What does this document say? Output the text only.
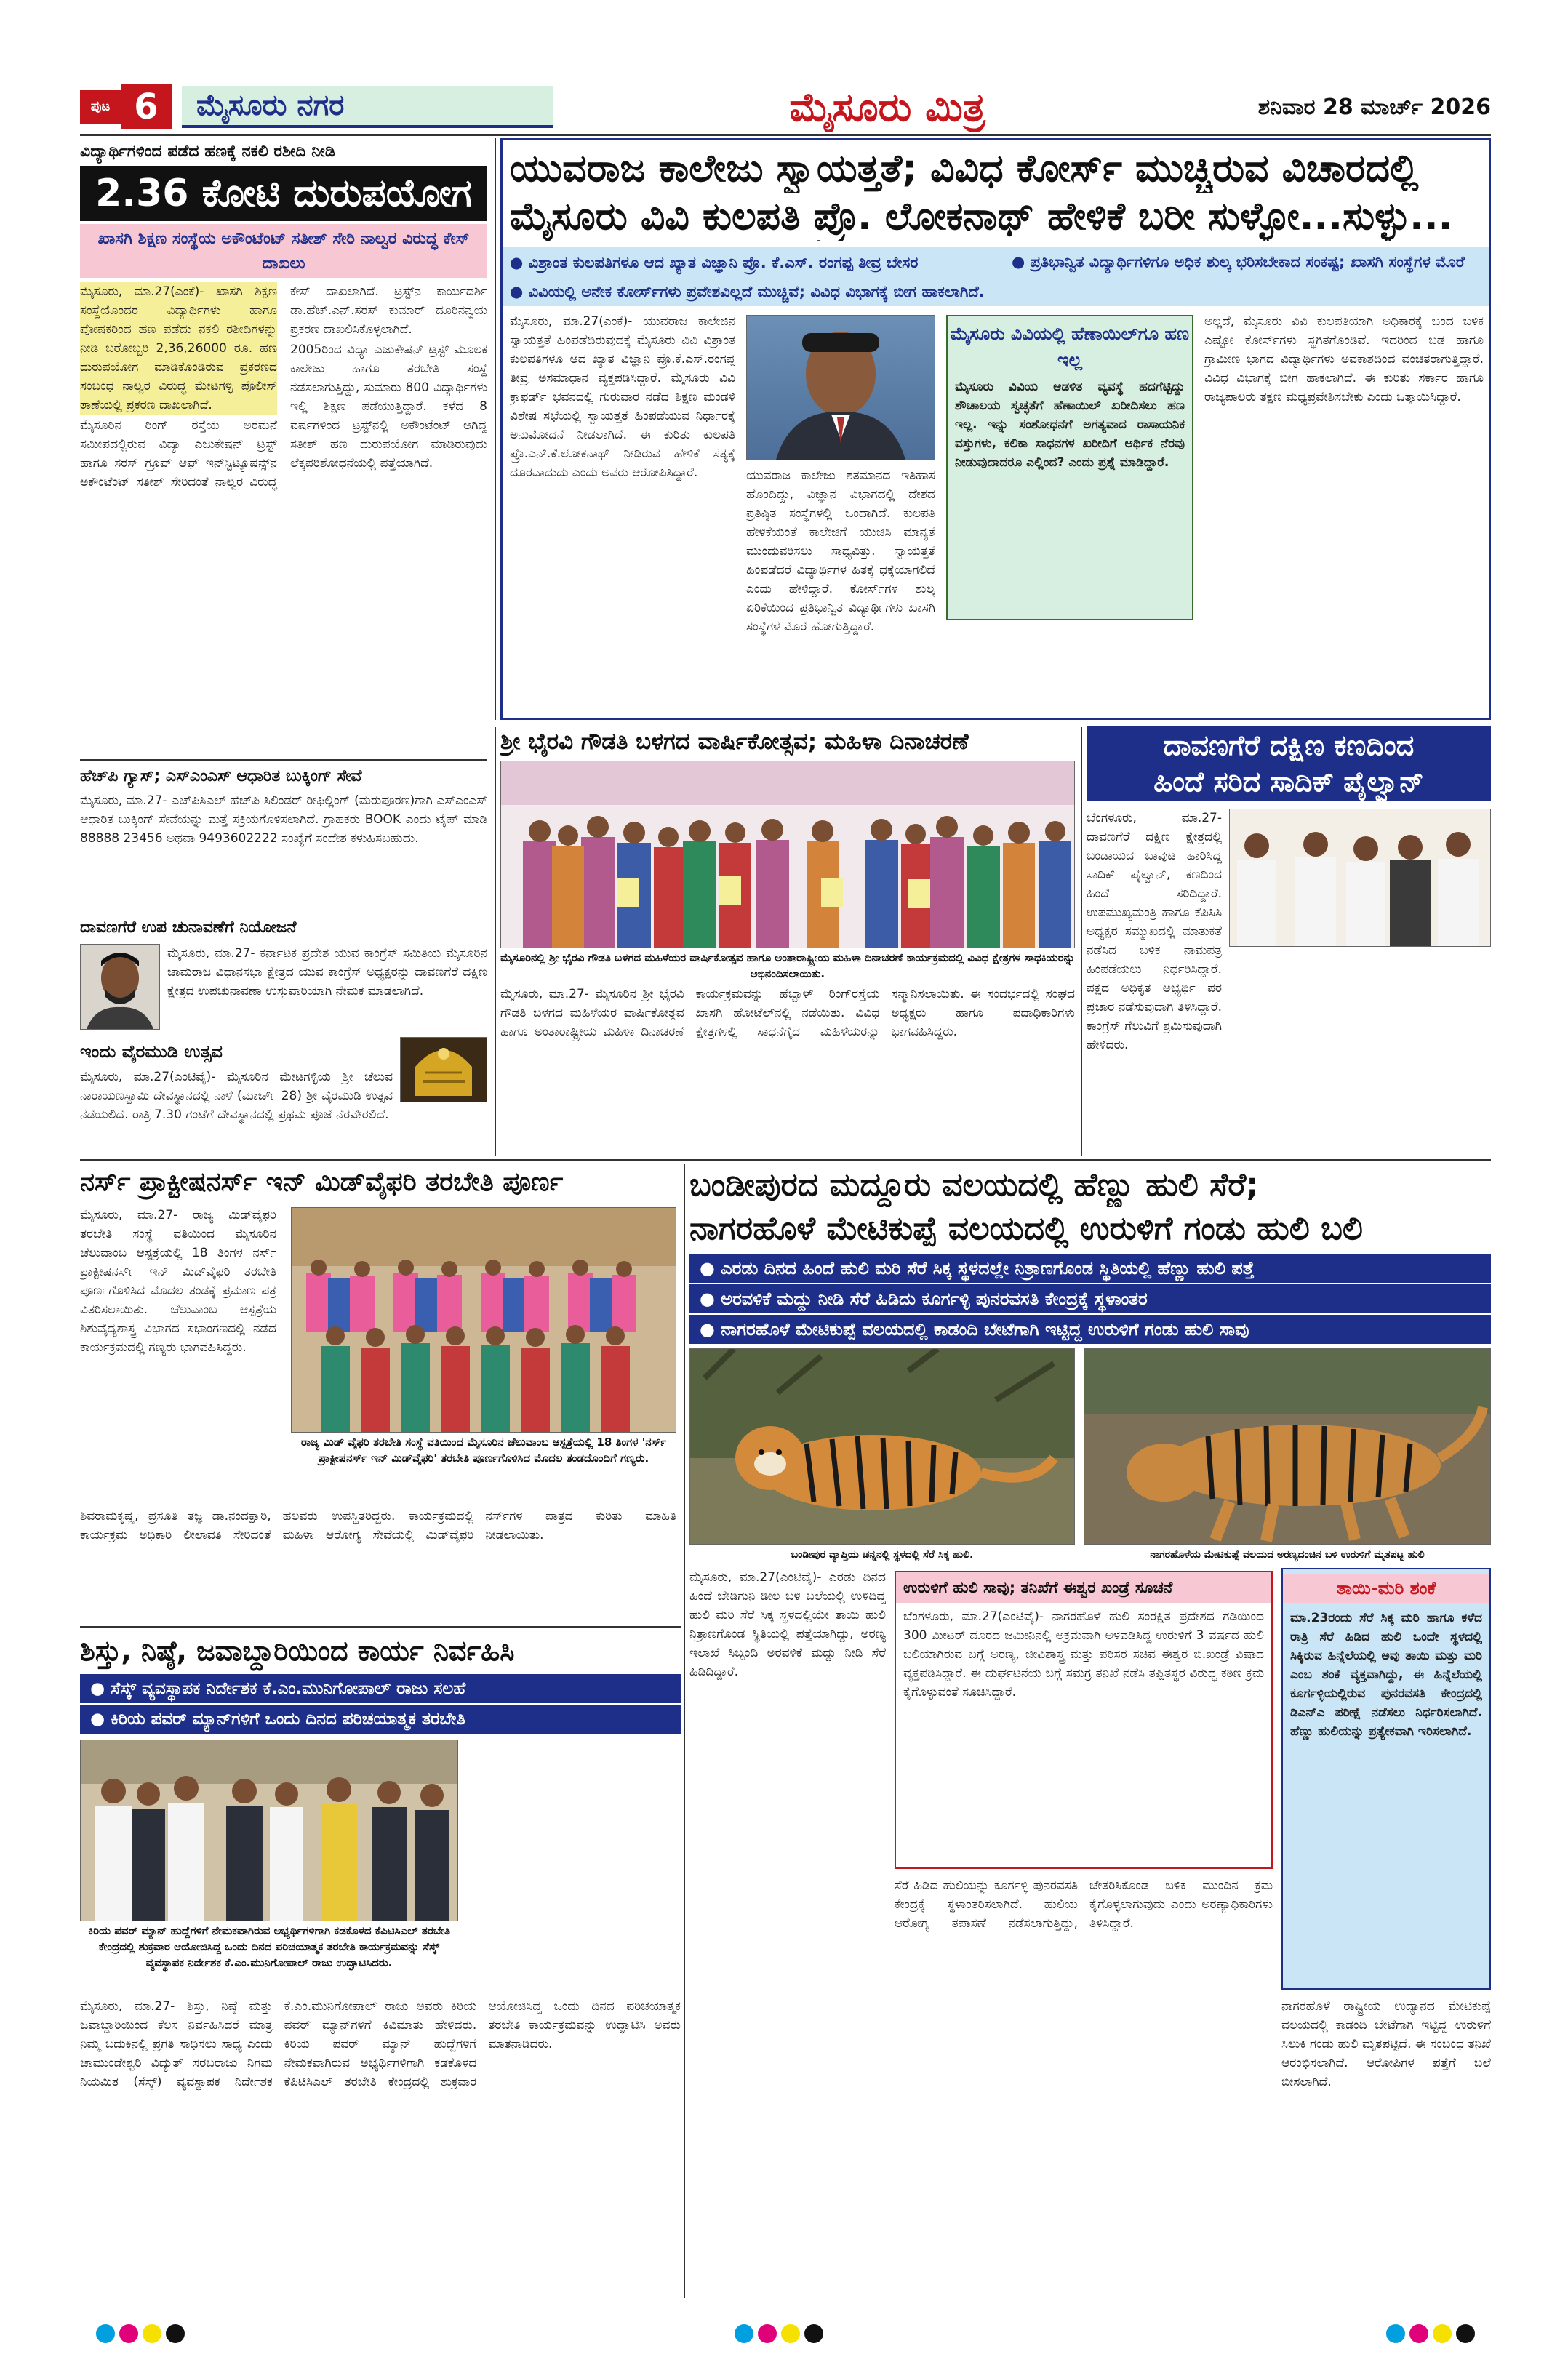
ಪುಟ 6	ಮೈಸೂರು ನಗರ	ಮೈಸೂರು ಮಿತ್ರ	ಶನಿವಾರ 28 ಮಾರ್ಚ್ 2026
ವಿದ್ಯಾರ್ಥಿಗಳಿಂದ ಪಡೆದ ಹಣಕ್ಕೆ ನಕಲಿ ರಶೀದಿ ನೀಡಿ
2.36 ಕೋಟಿ ದುರುಪಯೋಗ
ಖಾಸಗಿ ಶಿಕ್ಷಣ ಸಂಸ್ಥೆಯ ಅಕೌಂಟೆಂಟ್ ಸತೀಶ್ ಸೇರಿ ನಾಲ್ವರ ವಿರುದ್ಧ ಕೇಸ್ ದಾಖಲು

ಮೈಸೂರು, ಮಾ.27(ಎಂಕೆ)- ಖಾಸಗಿ ಶಿಕ್ಷಣ ಸಂಸ್ಥೆಯೊಂದರ ವಿದ್ಯಾರ್ಥಿಗಳು ಹಾಗೂ ಪೋಷಕರಿಂದ ಹಣ ಪಡೆದು ನಕಲಿ ರಶೀದಿಗಳನ್ನು ನೀಡಿ ಬರೋಬ್ಬರಿ 2,36,26000 ರೂ. ಹಣ ದುರುಪಯೋಗ ಮಾಡಿಕೊಂಡಿರುವ ಪ್ರಕರಣದ ಸಂಬಂಧ ನಾಲ್ವರ ವಿರುದ್ಧ ಮೇಟಗಳ್ಳಿ ಪೊಲೀಸ್ ಠಾಣೆಯಲ್ಲಿ ಪ್ರಕರಣ ದಾಖಲಾಗಿದೆ.

ಮೈಸೂರಿನ ರಿಂಗ್ ರಸ್ತೆಯ ಅರಮನೆ ಸಮೀಪದಲ್ಲಿರುವ ವಿದ್ಯಾ ಎಜುಕೇಷನ್ ಟ್ರಸ್ಟ್ ಹಾಗೂ ಸರಸ್ ಗ್ರೂಪ್ ಆಫ್ ಇನ್‌ಸ್ಟಿಟ್ಯೂಷನ್ಸ್‌ನ ಅಕೌಂಟೆಂಟ್ ಸತೀಶ್ ಸೇರಿದಂತೆ ನಾಲ್ವರ ವಿರುದ್ಧ ಕೇಸ್ ದಾಖಲಾಗಿದೆ. ಟ್ರಸ್ಟ್‌ನ ಕಾರ್ಯದರ್ಶಿ ಡಾ.ಹೆಚ್.ಎನ್.ಸರಸ್ ಕುಮಾರ್ ದೂರಿನನ್ವಯ ಪ್ರಕರಣ ದಾಖಲಿಸಿಕೊಳ್ಳಲಾಗಿದೆ.

2005ರಿಂದ ವಿದ್ಯಾ ಎಜುಕೇಷನ್ ಟ್ರಸ್ಟ್ ಮೂಲಕ ಕಾಲೇಜು ಹಾಗೂ ತರಬೇತಿ ಸಂಸ್ಥೆ ನಡೆಸಲಾಗುತ್ತಿದ್ದು, ಸುಮಾರು 800 ವಿದ್ಯಾರ್ಥಿಗಳು ಇಲ್ಲಿ ಶಿಕ್ಷಣ ಪಡೆಯುತ್ತಿದ್ದಾರೆ. ಕಳೆದ 8 ವರ್ಷಗಳಿಂದ ಟ್ರಸ್ಟ್‌ನಲ್ಲಿ ಅಕೌಂಟೆಂಟ್ ಆಗಿದ್ದ ಸತೀಶ್ ಹಣ ದುರುಪಯೋಗ ಮಾಡಿರುವುದು ಲೆಕ್ಕಪರಿಶೋಧನೆಯಲ್ಲಿ ಪತ್ತೆಯಾಗಿದೆ.

ಯುವರಾಜ ಕಾಲೇಜು ಸ್ವಾಯತ್ತತೆ; ವಿವಿಧ ಕೋರ್ಸ್ ಮುಚ್ಚಿರುವ ವಿಚಾರದಲ್ಲಿ
ಮೈಸೂರು ವಿವಿ ಕುಲಪತಿ ಪ್ರೊ. ಲೋಕನಾಥ್ ಹೇಳಿಕೆ ಬರೀ ಸುಳ್ಳೋ...ಸುಳ್ಳು...
● ವಿಶ್ರಾಂತ ಕುಲಪತಿಗಳೂ ಆದ ಖ್ಯಾತ ವಿಜ್ಞಾನಿ ಪ್ರೊ. ಕೆ.ಎಸ್. ರಂಗಪ್ಪ ತೀವ್ರ ಬೇಸರ	● ಪ್ರತಿಭಾನ್ವಿತ ವಿದ್ಯಾರ್ಥಿಗಳಿಗೂ ಅಧಿಕ ಶುಲ್ಕ ಭರಿಸಬೇಕಾದ ಸಂಕಷ್ಟ; ಖಾಸಗಿ ಸಂಸ್ಥೆಗಳ ಮೊರೆ
● ವಿವಿಯಲ್ಲಿ ಅನೇಕ ಕೋರ್ಸ್‌ಗಳು ಪ್ರವೇಶವಿಲ್ಲದೆ ಮುಚ್ಚಿವೆ; ವಿವಿಧ ವಿಭಾಗಕ್ಕೆ ಬೀಗ ಹಾಕಲಾಗಿದೆ.
ಮೈಸೂರು, ಮಾ.27(ಎಂಕೆ)- ಯುವರಾಜ ಕಾಲೇಜಿನ ಸ್ವಾಯತ್ತತೆ ಹಿಂಪಡೆದಿರುವುದಕ್ಕೆ ಮೈಸೂರು ವಿವಿ ವಿಶ್ರಾಂತ ಕುಲಪತಿಗಳೂ ಆದ ಖ್ಯಾತ ವಿಜ್ಞಾನಿ ಪ್ರೊ.ಕೆ.ಎಸ್.ರಂಗಪ್ಪ ತೀವ್ರ ಅಸಮಾಧಾನ ವ್ಯಕ್ತಪಡಿಸಿದ್ದಾರೆ. ಮೈಸೂರು ವಿವಿ ಕ್ರಾಫರ್ಡ್ ಭವನದಲ್ಲಿ ಗುರುವಾರ ನಡೆದ ಶಿಕ್ಷಣ ಮಂಡಳಿ ವಿಶೇಷ ಸಭೆಯಲ್ಲಿ ಸ್ವಾಯತ್ತತೆ ಹಿಂಪಡೆಯುವ ನಿರ್ಧಾರಕ್ಕೆ ಅನುಮೋದನೆ ನೀಡಲಾಗಿದೆ. ಈ ಕುರಿತು ಕುಲಪತಿ ಪ್ರೊ.ಎನ್.ಕೆ.ಲೋಕನಾಥ್ ನೀಡಿರುವ ಹೇಳಿಕೆ ಸತ್ಯಕ್ಕೆ ದೂರವಾದುದು ಎಂದು ಅವರು ಆರೋಪಿಸಿದ್ದಾರೆ.	ಯುವರಾಜ ಕಾಲೇಜು ಶತಮಾನದ ಇತಿಹಾಸ ಹೊಂದಿದ್ದು, ವಿಜ್ಞಾನ ವಿಭಾಗದಲ್ಲಿ ದೇಶದ ಪ್ರತಿಷ್ಠಿತ ಸಂಸ್ಥೆಗಳಲ್ಲಿ ಒಂದಾಗಿದೆ. ಕುಲಪತಿ ಹೇಳಿಕೆಯಂತೆ ಕಾಲೇಜಿಗೆ ಯುಜಿಸಿ ಮಾನ್ಯತೆ ಮುಂದುವರಿಸಲು ಸಾಧ್ಯವಿತ್ತು. ಸ್ವಾಯತ್ತತೆ ಹಿಂಪಡೆದರೆ ವಿದ್ಯಾರ್ಥಿಗಳ ಹಿತಕ್ಕೆ ಧಕ್ಕೆಯಾಗಲಿದೆ ಎಂದು ಹೇಳಿದ್ದಾರೆ. ಕೋರ್ಸ್‌ಗಳ ಶುಲ್ಕ ಏರಿಕೆಯಿಂದ ಪ್ರತಿಭಾನ್ವಿತ ವಿದ್ಯಾರ್ಥಿಗಳು ಖಾಸಗಿ ಸಂಸ್ಥೆಗಳ ಮೊರೆ ಹೋಗುತ್ತಿದ್ದಾರೆ.
ಮೈಸೂರು ವಿವಿಯಲ್ಲಿ ಹೆಣಾಯಿಲ್‌ಗೂ ಹಣ ಇಲ್ಲ
ಮೈಸೂರು ವಿವಿಯ ಆಡಳಿತ ವ್ಯವಸ್ಥೆ ಹದಗೆಟ್ಟಿದ್ದು ಶೌಚಾಲಯ ಸ್ವಚ್ಛತೆಗೆ ಹೆಣಾಯಿಲ್ ಖರೀದಿಸಲು ಹಣ ಇಲ್ಲ. ಇನ್ನು ಸಂಶೋಧನೆಗೆ ಅಗತ್ಯವಾದ ರಾಸಾಯನಿಕ ವಸ್ತುಗಳು, ಕಲಿಕಾ ಸಾಧನಗಳ ಖರೀದಿಗೆ ಆರ್ಥಿಕ ನೆರವು ನೀಡುವುದಾದರೂ ಎಲ್ಲಿಂದ? ಎಂದು ಪ್ರಶ್ನೆ ಮಾಡಿದ್ದಾರೆ.
ಅಲ್ಲದೆ, ಮೈಸೂರು ವಿವಿ ಕುಲಪತಿಯಾಗಿ ಅಧಿಕಾರಕ್ಕೆ ಬಂದ ಬಳಿಕ ಎಷ್ಟೋ ಕೋರ್ಸ್‌ಗಳು ಸ್ಥಗಿತಗೊಂಡಿವೆ. ಇದರಿಂದ ಬಡ ಹಾಗೂ ಗ್ರಾಮೀಣ ಭಾಗದ ವಿದ್ಯಾರ್ಥಿಗಳು ಅವಕಾಶದಿಂದ ವಂಚಿತರಾಗುತ್ತಿದ್ದಾರೆ. ವಿವಿಧ ವಿಭಾಗಕ್ಕೆ ಬೀಗ ಹಾಕಲಾಗಿದೆ. ಈ ಕುರಿತು ಸರ್ಕಾರ ಹಾಗೂ ರಾಜ್ಯಪಾಲರು ತಕ್ಷಣ ಮಧ್ಯಪ್ರವೇಶಿಸಬೇಕು ಎಂದು ಒತ್ತಾಯಿಸಿದ್ದಾರೆ.
ಹೆಚ್‌ಪಿ ಗ್ಯಾಸ್; ಎಸ್‌ಎಂಎಸ್ ಆಧಾರಿತ ಬುಕ್ಕಿಂಗ್ ಸೇವೆ
ಮೈಸೂರು, ಮಾ.27- ಎಚ್‌ಪಿಸಿಎಲ್ ಹೆಚ್‌ಪಿ ಸಿಲಿಂಡರ್ ರೀಫಿಲ್ಲಿಂಗ್ (ಮರುಪೂರಣ)ಗಾಗಿ ಎಸ್‌ಎಂಎಸ್ ಆಧಾರಿತ ಬುಕ್ಕಿಂಗ್ ಸೇವೆಯನ್ನು ಮತ್ತೆ ಸಕ್ರಿಯಗೊಳಿಸಲಾಗಿದೆ. ಗ್ರಾಹಕರು BOOK ಎಂದು ಟೈಪ್ ಮಾಡಿ 88888 23456 ಅಥವಾ 9493602222 ಸಂಖ್ಯೆಗೆ ಸಂದೇಶ ಕಳುಹಿಸಬಹುದು.
ದಾವಣಗೆರೆ ಉಪ ಚುನಾವಣೆಗೆ ನಿಯೋಜನೆ
ಮೈಸೂರು, ಮಾ.27- ಕರ್ನಾಟಕ ಪ್ರದೇಶ ಯುವ ಕಾಂಗ್ರೆಸ್ ಸಮಿತಿಯ ಮೈಸೂರಿನ ಚಾಮರಾಜ ವಿಧಾನಸಭಾ ಕ್ಷೇತ್ರದ ಯುವ ಕಾಂಗ್ರೆಸ್ ಅಧ್ಯಕ್ಷರನ್ನು ದಾವಣಗೆರೆ ದಕ್ಷಿಣ ಕ್ಷೇತ್ರದ ಉಪಚುನಾವಣಾ ಉಸ್ತುವಾರಿಯಾಗಿ ನೇಮಕ ಮಾಡಲಾಗಿದೆ.
ಇಂದು ವೈರಮುಡಿ ಉತ್ಸವ
ಮೈಸೂರು, ಮಾ.27(ಎಂಟಿವೈ)- ಮೈಸೂರಿನ ಮೇಟಗಳ್ಳಿಯ ಶ್ರೀ ಚೆಲುವ ನಾರಾಯಣಸ್ವಾಮಿ ದೇವಸ್ಥಾನದಲ್ಲಿ ನಾಳೆ (ಮಾರ್ಚ್ 28) ಶ್ರೀ ವೈರಮುಡಿ ಉತ್ಸವ ನಡೆಯಲಿದೆ. ರಾತ್ರಿ 7.30 ಗಂಟೆಗೆ ದೇವಸ್ಥಾನದಲ್ಲಿ ಪ್ರಥಮ ಪೂಜೆ ನೆರವೇರಲಿದೆ.
ಶ್ರೀ ಭೈರವಿ ಗೌಡತಿ ಬಳಗದ ವಾರ್ಷಿಕೋತ್ಸವ; ಮಹಿಳಾ ದಿನಾಚರಣೆ
ಮೈಸೂರಿನಲ್ಲಿ ಶ್ರೀ ಭೈರವಿ ಗೌಡತಿ ಬಳಗದ ಮಹಿಳೆಯರ ವಾರ್ಷಿಕೋತ್ಸವ ಹಾಗೂ ಅಂತಾರಾಷ್ಟ್ರೀಯ ಮಹಿಳಾ ದಿನಾಚರಣೆ ಕಾರ್ಯಕ್ರಮದಲ್ಲಿ ವಿವಿಧ ಕ್ಷೇತ್ರಗಳ ಸಾಧಕಿಯರನ್ನು ಅಭಿನಂದಿಸಲಾಯಿತು.
ಮೈಸೂರು, ಮಾ.27- ಮೈಸೂರಿನ ಶ್ರೀ ಭೈರವಿ ಗೌಡತಿ ಬಳಗದ ಮಹಿಳೆಯರ ವಾರ್ಷಿಕೋತ್ಸವ ಹಾಗೂ ಅಂತಾರಾಷ್ಟ್ರೀಯ ಮಹಿಳಾ ದಿನಾಚರಣೆ ಕಾರ್ಯಕ್ರಮವನ್ನು ಹೆಬ್ಬಾಳ್ ರಿಂಗ್‌ರಸ್ತೆಯ ಖಾಸಗಿ ಹೋಟೆಲ್‌ನಲ್ಲಿ ನಡೆಯಿತು. ವಿವಿಧ ಕ್ಷೇತ್ರಗಳಲ್ಲಿ ಸಾಧನೆಗೈದ ಮಹಿಳೆಯರನ್ನು ಸನ್ಮಾನಿಸಲಾಯಿತು. ಈ ಸಂದರ್ಭದಲ್ಲಿ ಸಂಘದ ಅಧ್ಯಕ್ಷರು ಹಾಗೂ ಪದಾಧಿಕಾರಿಗಳು ಭಾಗವಹಿಸಿದ್ದರು.
ದಾವಣಗೆರೆ ದಕ್ಷಿಣ ಕಣದಿಂದ
ಹಿಂದೆ ಸರಿದ ಸಾದಿಕ್ ಪೈಲ್ವಾನ್
ಬೆಂಗಳೂರು, ಮಾ.27- ದಾವಣಗೆರೆ ದಕ್ಷಿಣ ಕ್ಷೇತ್ರದಲ್ಲಿ ಬಂಡಾಯದ ಬಾವುಟ ಹಾರಿಸಿದ್ದ ಸಾದಿಕ್ ಪೈಲ್ವಾನ್, ಕಣದಿಂದ ಹಿಂದೆ ಸರಿದಿದ್ದಾರೆ. ಉಪಮುಖ್ಯಮಂತ್ರಿ ಹಾಗೂ ಕೆಪಿಸಿಸಿ ಅಧ್ಯಕ್ಷರ ಸಮ್ಮುಖದಲ್ಲಿ ಮಾತುಕತೆ ನಡೆಸಿದ ಬಳಿಕ ನಾಮಪತ್ರ ಹಿಂಪಡೆಯಲು ನಿರ್ಧರಿಸಿದ್ದಾರೆ. ಪಕ್ಷದ ಅಧಿಕೃತ ಅಭ್ಯರ್ಥಿ ಪರ ಪ್ರಚಾರ ನಡೆಸುವುದಾಗಿ ತಿಳಿಸಿದ್ದಾರೆ. ಕಾಂಗ್ರೆಸ್ ಗೆಲುವಿಗೆ ಶ್ರಮಿಸುವುದಾಗಿ ಹೇಳಿದರು.
ನರ್ಸ್ ಪ್ರಾಕ್ಟೀಷನರ್ಸ್ ಇನ್ ಮಿಡ್‌ವೈಫರಿ ತರಬೇತಿ ಪೂರ್ಣ
ಮೈಸೂರು, ಮಾ.27- ರಾಜ್ಯ ಮಿಡ್‌ವೈಫರಿ ತರಬೇತಿ ಸಂಸ್ಥೆ ವತಿಯಿಂದ ಮೈಸೂರಿನ ಚೆಲುವಾಂಬ ಆಸ್ಪತ್ರೆಯಲ್ಲಿ 18 ತಿಂಗಳ ನರ್ಸ್ ಪ್ರಾಕ್ಟೀಷನರ್ಸ್ ಇನ್ ಮಿಡ್‌ವೈಫರಿ ತರಬೇತಿ ಪೂರ್ಣಗೊಳಿಸಿದ ಮೊದಲ ತಂಡಕ್ಕೆ ಪ್ರಮಾಣ ಪತ್ರ ವಿತರಿಸಲಾಯಿತು. ಚೆಲುವಾಂಬ ಆಸ್ಪತ್ರೆಯ ಶಿಶುವೈದ್ಯಶಾಸ್ತ್ರ ವಿಭಾಗದ ಸಭಾಂಗಣದಲ್ಲಿ ನಡೆದ ಕಾರ್ಯಕ್ರಮದಲ್ಲಿ ಗಣ್ಯರು ಭಾಗವಹಿಸಿದ್ದರು.
ರಾಜ್ಯ ಮಿಡ್ ವೈಫರಿ ತರಬೇತಿ ಸಂಸ್ಥೆ ವತಿಯಿಂದ ಮೈಸೂರಿನ ಚೆಲುವಾಂಬ ಆಸ್ಪತ್ರೆಯಲ್ಲಿ 18 ತಿಂಗಳ 'ನರ್ಸ್ ಪ್ರಾಕ್ಟೀಷನರ್ಸ್ ಇನ್ ಮಿಡ್‌ವೈಫರಿ' ತರಬೇತಿ ಪೂರ್ಣಗೊಳಿಸಿದ ಮೊದಲ ತಂಡದೊಂದಿಗೆ ಗಣ್ಯರು.
ಶಿವರಾಮಕೃಷ್ಣ, ಪ್ರಸೂತಿ ತಜ್ಞ ಡಾ.ನಂದಕ್ಷಾರಿ, ಕಾರ್ಯಕ್ರಮ ಅಧಿಕಾರಿ ಲೀಲಾವತಿ ಸೇರಿದಂತೆ ಹಲವರು ಉಪಸ್ಥಿತರಿದ್ದರು. ಕಾರ್ಯಕ್ರಮದಲ್ಲಿ ಮಹಿಳಾ ಆರೋಗ್ಯ ಸೇವೆಯಲ್ಲಿ ಮಿಡ್‌ವೈಫರಿ ನರ್ಸ್‌ಗಳ ಪಾತ್ರದ ಕುರಿತು ಮಾಹಿತಿ ನೀಡಲಾಯಿತು.
ಬಂಡೀಪುರದ ಮದ್ದೂರು ವಲಯದಲ್ಲಿ ಹೆಣ್ಣು ಹುಲಿ ಸೆರೆ;
ನಾಗರಹೊಳೆ ಮೇಟಿಕುಪ್ಪೆ ವಲಯದಲ್ಲಿ ಉರುಳಿಗೆ ಗಂಡು ಹುಲಿ ಬಲಿ
● ಎರಡು ದಿನದ ಹಿಂದೆ ಹುಲಿ ಮರಿ ಸೆರೆ ಸಿಕ್ಕ ಸ್ಥಳದಲ್ಲೇ ನಿತ್ರಾಣಗೊಂಡ ಸ್ಥಿತಿಯಲ್ಲಿ ಹೆಣ್ಣು ಹುಲಿ ಪತ್ತೆ
● ಅರವಳಿಕೆ ಮದ್ದು ನೀಡಿ ಸೆರೆ ಹಿಡಿದು ಕೂರ್ಗಳ್ಳಿ ಪುನರವಸತಿ ಕೇಂದ್ರಕ್ಕೆ ಸ್ಥಳಾಂತರ
● ನಾಗರಹೊಳೆ ಮೇಟಿಕುಪ್ಪೆ ವಲಯದಲ್ಲಿ ಕಾಡಂದಿ ಬೇಟೆಗಾಗಿ ಇಟ್ಟಿದ್ದ ಉರುಳಿಗೆ ಗಂಡು ಹುಲಿ ಸಾವು
ಬಂಡೀಪುರ ವ್ಯಾಪ್ತಿಯ ಚನ್ನನಲ್ಲಿ ಸ್ಥಳದಲ್ಲಿ ಸೆರೆ ಸಿಕ್ಕ ಹುಲಿ.	ನಾಗರಹೊಳೆಯ ಮೇಟಿಕುಪ್ಪೆ ವಲಯದ ಅರಣ್ಯದಂಚಿನ ಬಳಿ ಉರುಳಿಗೆ ಮೃತಪಟ್ಟ ಹುಲಿ
ಮೈಸೂರು, ಮಾ.27(ಎಂಟಿವೈ)- ಎರಡು ದಿನದ ಹಿಂದೆ ಬೇಡಿಗುನಿ ಡೀಲ ಬಳಿ ಬಲೆಯಲ್ಲಿ ಉಳಿದಿದ್ದ ಹುಲಿ ಮರಿ ಸೆರೆ ಸಿಕ್ಕ ಸ್ಥಳದಲ್ಲಿಯೇ ತಾಯಿ ಹುಲಿ ನಿತ್ರಾಣಗೊಂಡ ಸ್ಥಿತಿಯಲ್ಲಿ ಪತ್ತೆಯಾಗಿದ್ದು, ಅರಣ್ಯ ಇಲಾಖೆ ಸಿಬ್ಬಂದಿ ಅರವಳಿಕೆ ಮದ್ದು ನೀಡಿ ಸೆರೆ ಹಿಡಿದಿದ್ದಾರೆ.
ಉರುಳಿಗೆ ಹುಲಿ ಸಾವು; ತನಿಖೆಗೆ ಈಶ್ವರ ಖಂಡ್ರೆ ಸೂಚನೆ
ಬೆಂಗಳೂರು, ಮಾ.27(ಎಂಟಿವೈ)- ನಾಗರಹೊಳೆ ಹುಲಿ ಸಂರಕ್ಷಿತ ಪ್ರದೇಶದ ಗಡಿಯಿಂದ 300 ಮೀಟರ್ ದೂರದ ಜಮೀನಿನಲ್ಲಿ ಅಕ್ರಮವಾಗಿ ಅಳವಡಿಸಿದ್ದ ಉರುಳಿಗೆ 3 ವರ್ಷದ ಹುಲಿ ಬಲಿಯಾಗಿರುವ ಬಗ್ಗೆ ಅರಣ್ಯ, ಜೀವಿಶಾಸ್ತ್ರ ಮತ್ತು ಪರಿಸರ ಸಚಿವ ಈಶ್ವರ ಬಿ.ಖಂಡ್ರೆ ವಿಷಾದ ವ್ಯಕ್ತಪಡಿಸಿದ್ದಾರೆ. ಈ ದುರ್ಘಟನೆಯ ಬಗ್ಗೆ ಸಮಗ್ರ ತನಿಖೆ ನಡೆಸಿ ತಪ್ಪಿತಸ್ಥರ ವಿರುದ್ಧ ಕಠಿಣ ಕ್ರಮ ಕೈಗೊಳ್ಳುವಂತೆ ಸೂಚಿಸಿದ್ದಾರೆ.
ಸೆರೆ ಹಿಡಿದ ಹುಲಿಯನ್ನು ಕೂರ್ಗಳ್ಳಿ ಪುನರವಸತಿ ಕೇಂದ್ರಕ್ಕೆ ಸ್ಥಳಾಂತರಿಸಲಾಗಿದೆ. ಹುಲಿಯ ಆರೋಗ್ಯ ತಪಾಸಣೆ ನಡೆಸಲಾಗುತ್ತಿದ್ದು, ಚೇತರಿಸಿಕೊಂಡ ಬಳಿಕ ಮುಂದಿನ ಕ್ರಮ ಕೈಗೊಳ್ಳಲಾಗುವುದು ಎಂದು ಅರಣ್ಯಾಧಿಕಾರಿಗಳು ತಿಳಿಸಿದ್ದಾರೆ.
ತಾಯಿ-ಮರಿ ಶಂಕೆ
ಮಾ.23ರಂದು ಸೆರೆ ಸಿಕ್ಕ ಮರಿ ಹಾಗೂ ಕಳೆದ ರಾತ್ರಿ ಸೆರೆ ಹಿಡಿದ ಹುಲಿ ಒಂದೇ ಸ್ಥಳದಲ್ಲಿ ಸಿಕ್ಕಿರುವ ಹಿನ್ನೆಲೆಯಲ್ಲಿ ಅವು ತಾಯಿ ಮತ್ತು ಮರಿ ಎಂಬ ಶಂಕೆ ವ್ಯಕ್ತವಾಗಿದ್ದು, ಈ ಹಿನ್ನೆಲೆಯಲ್ಲಿ ಕೂರ್ಗಳ್ಳಿಯಲ್ಲಿರುವ ಪುನರವಸತಿ ಕೇಂದ್ರದಲ್ಲಿ ಡಿಎನ್‌ಎ ಪರೀಕ್ಷೆ ನಡೆಸಲು ನಿರ್ಧರಿಸಲಾಗಿದೆ. ಹೆಣ್ಣು ಹುಲಿಯನ್ನು ಪ್ರತ್ಯೇಕವಾಗಿ ಇರಿಸಲಾಗಿದೆ.
ನಾಗರಹೊಳೆ ರಾಷ್ಟ್ರೀಯ ಉದ್ಯಾನದ ಮೇಟಿಕುಪ್ಪೆ ವಲಯದಲ್ಲಿ ಕಾಡಂದಿ ಬೇಟೆಗಾಗಿ ಇಟ್ಟಿದ್ದ ಉರುಳಿಗೆ ಸಿಲುಕಿ ಗಂಡು ಹುಲಿ ಮೃತಪಟ್ಟಿದೆ. ಈ ಸಂಬಂಧ ತನಿಖೆ ಆರಂಭಿಸಲಾಗಿದೆ. ಆರೋಪಿಗಳ ಪತ್ತೆಗೆ ಬಲೆ ಬೀಸಲಾಗಿದೆ.
ಶಿಸ್ತು, ನಿಷ್ಠೆ, ಜವಾಬ್ದಾರಿಯಿಂದ ಕಾರ್ಯ ನಿರ್ವಹಿಸಿ
● ಸೆಸ್ಕ್ ವ್ಯವಸ್ಥಾಪಕ ನಿರ್ದೇಶಕ ಕೆ.ಎಂ.ಮುನಿಗೋಪಾಲ್ ರಾಜು ಸಲಹೆ
● ಕಿರಿಯ ಪವರ್ ಮ್ಯಾನ್‌ಗಳಿಗೆ ಒಂದು ದಿನದ ಪರಿಚಯಾತ್ಮಕ ತರಬೇತಿ
ಕಿರಿಯ ಪವರ್ ಮ್ಯಾನ್ ಹುದ್ದೆಗಳಿಗೆ ನೇಮಕವಾಗಿರುವ ಅಭ್ಯರ್ಥಿಗಳಿಗಾಗಿ ಕಡಕೊಳದ ಕೆಪಿಟಿಸಿಎಲ್ ತರಬೇತಿ ಕೇಂದ್ರದಲ್ಲಿ ಶುಕ್ರವಾರ ಆಯೋಜಿಸಿದ್ದ ಒಂದು ದಿನದ ಪರಿಚಯಾತ್ಮಕ ತರಬೇತಿ ಕಾರ್ಯಕ್ರಮವನ್ನು ಸೆಸ್ಕ್ ವ್ಯವಸ್ಥಾಪಕ ನಿರ್ದೇಶಕ ಕೆ.ಎಂ.ಮುನಿಗೋಪಾಲ್ ರಾಜು ಉದ್ಘಾಟಿಸಿದರು.
ಮೈಸೂರು, ಮಾ.27- ಶಿಸ್ತು, ನಿಷ್ಠೆ ಮತ್ತು ಜವಾಬ್ದಾರಿಯಿಂದ ಕೆಲಸ ನಿರ್ವಹಿಸಿದರೆ ಮಾತ್ರ ನಿಮ್ಮ ಬದುಕಿನಲ್ಲಿ ಪ್ರಗತಿ ಸಾಧಿಸಲು ಸಾಧ್ಯ ಎಂದು ಚಾಮುಂಡೇಶ್ವರಿ ವಿದ್ಯುತ್ ಸರಬರಾಜು ನಿಗಮ ನಿಯಮಿತ (ಸೆಸ್ಕ್) ವ್ಯವಸ್ಥಾಪಕ ನಿರ್ದೇಶಕ ಕೆ.ಎಂ.ಮುನಿಗೋಪಾಲ್ ರಾಜು ಅವರು ಕಿರಿಯ ಪವರ್ ಮ್ಯಾನ್‌ಗಳಿಗೆ ಕಿವಿಮಾತು ಹೇಳಿದರು. ಕಿರಿಯ ಪವರ್ ಮ್ಯಾನ್ ಹುದ್ದೆಗಳಿಗೆ ನೇಮಕವಾಗಿರುವ ಅಭ್ಯರ್ಥಿಗಳಿಗಾಗಿ ಕಡಕೊಳದ ಕೆಪಿಟಿಸಿಎಲ್ ತರಬೇತಿ ಕೇಂದ್ರದಲ್ಲಿ ಶುಕ್ರವಾರ ಆಯೋಜಿಸಿದ್ದ ಒಂದು ದಿನದ ಪರಿಚಯಾತ್ಮಕ ತರಬೇತಿ ಕಾರ್ಯಕ್ರಮವನ್ನು ಉದ್ಘಾಟಿಸಿ ಅವರು ಮಾತನಾಡಿದರು.
